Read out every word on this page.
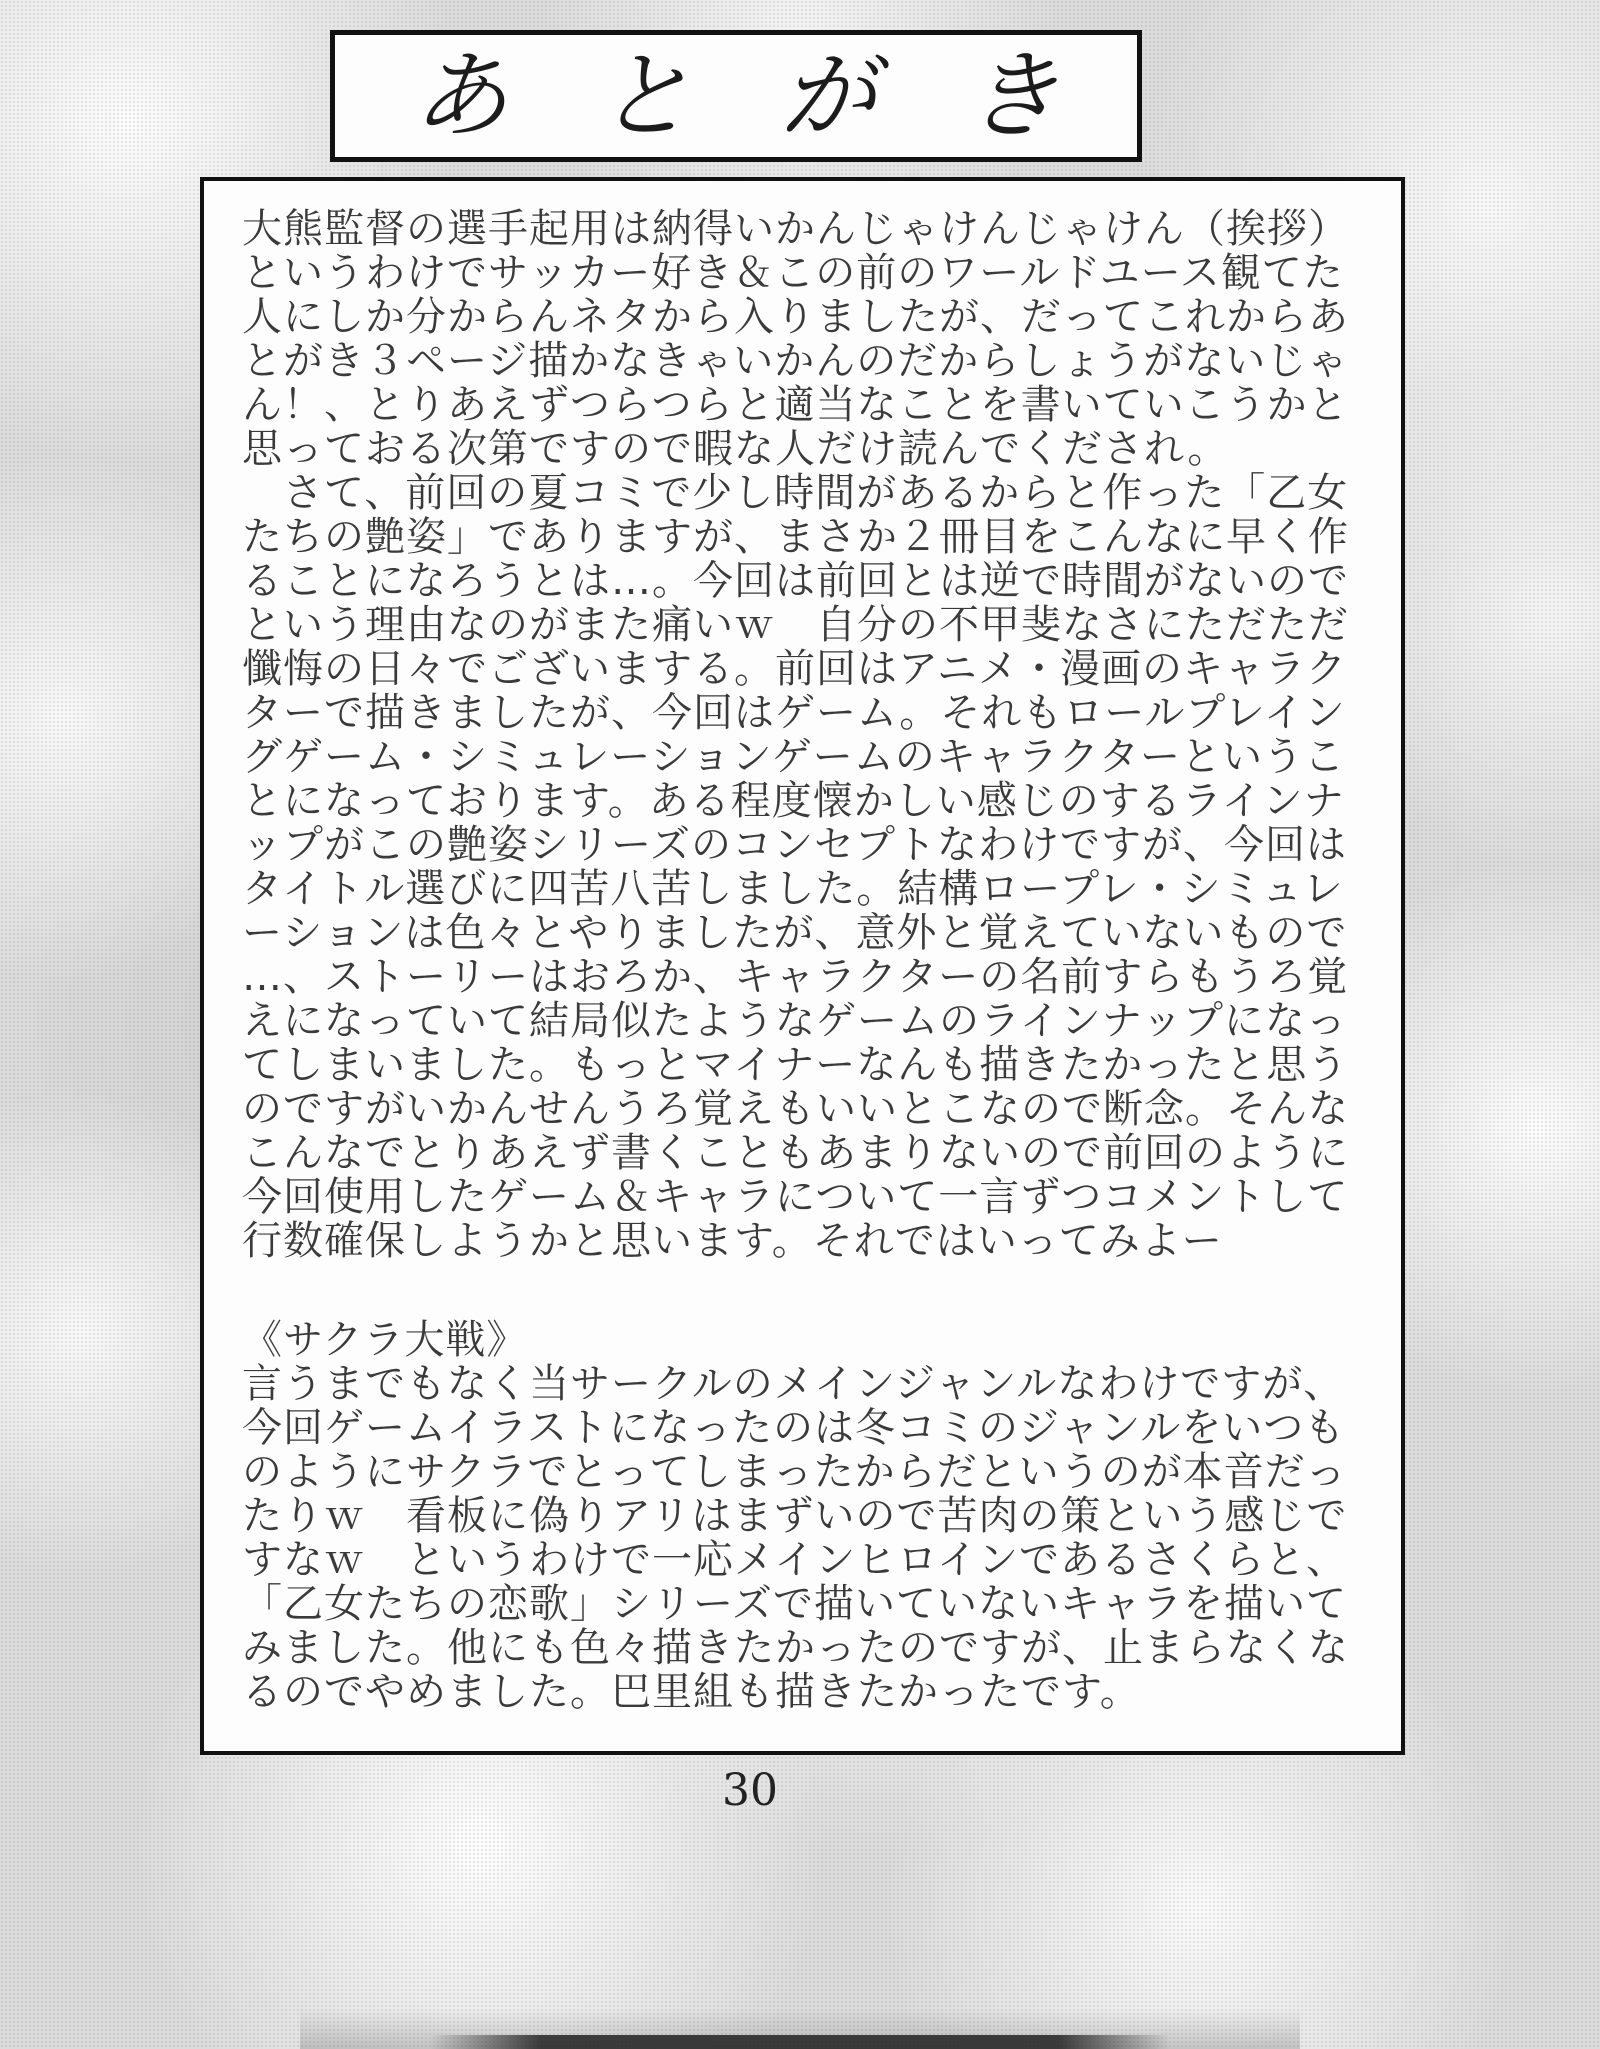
あとがき
大熊監督の選手起用は納得いかんじゃけんじゃけん（挨拶）
というわけでサッカー好き＆この前のワールドユース観てた
人にしか分からんネタから入りましたが、だってこれからあ
とがき３ページ描かなきゃいかんのだからしょうがないじゃ
ん！、とりあえずつらつらと適当なことを書いていこうかと
思っておる次第ですので暇な人だけ読んでくだされ。
　さて、前回の夏コミで少し時間があるからと作った「乙女
たちの艶姿」でありますが、まさか２冊目をこんなに早く作
ることになろうとは…。今回は前回とは逆で時間がないので
という理由なのがまた痛いｗ　自分の不甲斐なさにただただ
懺悔の日々でございまする。前回はアニメ・漫画のキャラク
ターで描きましたが、今回はゲーム。それもロールプレイン
グゲーム・シミュレーションゲームのキャラクターというこ
とになっております。ある程度懐かしい感じのするラインナ
ップがこの艶姿シリーズのコンセプトなわけですが、今回は
タイトル選びに四苦八苦しました。結構ロープレ・シミュレ
ーションは色々とやりましたが、意外と覚えていないもので
…、ストーリーはおろか、キャラクターの名前すらもうろ覚
えになっていて結局似たようなゲームのラインナップになっ
てしまいました。もっとマイナーなんも描きたかったと思う
のですがいかんせんうろ覚えもいいとこなので断念。そんな
こんなでとりあえず書くこともあまりないので前回のように
今回使用したゲーム＆キャラについて一言ずつコメントして
行数確保しようかと思います。それではいってみよー
《サクラ大戦》
言うまでもなく当サークルのメインジャンルなわけですが、
今回ゲームイラストになったのは冬コミのジャンルをいつも
のようにサクラでとってしまったからだというのが本音だっ
たりｗ　看板に偽りアリはまずいので苦肉の策という感じで
すなｗ　というわけで一応メインヒロインであるさくらと、
「乙女たちの恋歌」シリーズで描いていないキャラを描いて
みました。他にも色々描きたかったのですが、止まらなくな
るのでやめました。巴里組も描きたかったです。
30
